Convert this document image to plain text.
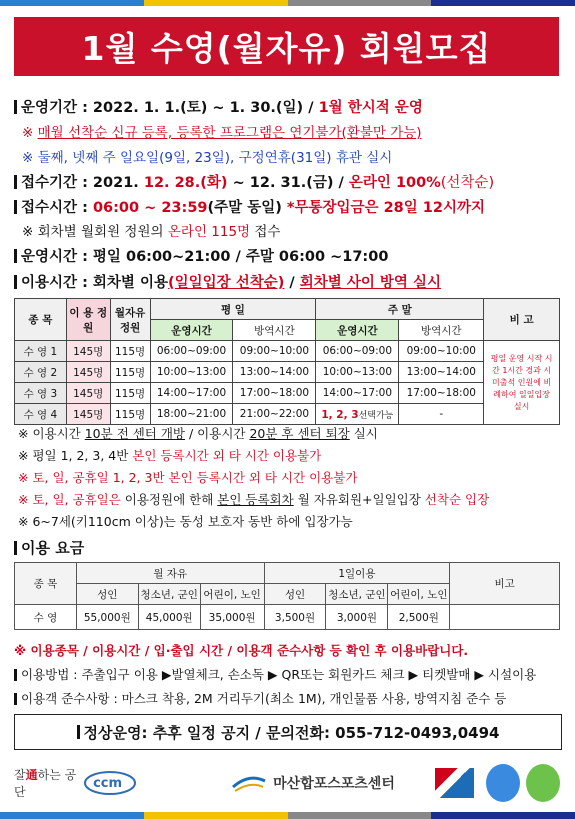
1월 수영(월자유) 회원모집
운영기간 : 2022. 1. 1.(토) ~ 1. 30.(일) / 1월 한시적 운영
※ 매월 선착순 신규 등록, 등록한 프로그램은 연기불가(환불만 가능)
※ 둘째, 넷째 주 일요일(9일, 23일), 구정연휴(31일) 휴관 실시
접수기간 : 2021. 12. 28.(화) ~ 12. 31.(금) / 온라인 100%(선착순)
접수시간 : 06:00 ~ 23:59(주말 동일) *무통장입금은 28일 12시까지
※ 회차별 월회원 정원의 온라인 115명 접수
운영시간 : 평일 06:00~21:00 / 주말 06:00 ~17:00
이용시간 : 회차별 이용(일일입장 선착순) / 회차별 사이 방역 실시
종 목	이 용 정 원	월자유 정원	평 일		주 말		비 고
			운영시간	방역시간	운영시간	방역시간	
수 영 1	145명	115명	06:00~09:00	09:00~10:00	06:00~09:00	09:00~10:00	평일 운영 시작 시간 1시간 경과 시 미출석 인원에 비례하여 일일입장 실시
수 영 2	145명	115명	10:00~13:00	13:00~14:00	10:00~13:00	13:00~14:00	
수 영 3	145명	115명	14:00~17:00	17:00~18:00	14:00~17:00	17:00~18:00	
수 영 4	145명	115명	18:00~21:00	21:00~22:00	1, 2, 3선택가능	-	
※ 이용시간 10분 전 센터 개방 / 이용시간 20분 후 센터 퇴장 실시
※ 평일 1, 2, 3, 4반 본인 등록시간 외 타 시간 이용불가
※ 토, 일, 공휴일 1, 2, 3반 본인 등록시간 외 타 시간 이용불가
※ 토, 일, 공휴일은 이용정원에 한해 본인 등록회차 월 자유회원+일일입장 선착순 입장
※ 6~7세(키110cm 이상)는 동성 보호자 동반 하에 입장가능
이용 요금
종 목	월 자유			1일이용			비고
	성인	청소년, 군인	어린이, 노인	성인	청소년, 군인	어린이, 노인	
수 영	55,000원	45,000원	35,000원	3,500원	3,000원	2,500원	
※ 이용종목 / 이용시간 / 입·출입 시간 / 이용객 준수사항 등 확인 후 이용바랍니다.
이용방법 : 주출입구 이용 ▶발열체크, 손소독 ▶ QR또는 회원카드 체크 ▶ 티켓발매 ▶ 시설이용
이용객 준수사항 : 마스크 착용, 2M 거리두기(최소 1M), 개인물품 사용, 방역지침 준수 등
정상운영: 추후 일정 공지 / 문의전화: 055-712-0493,0494
잘通하는 공단
ccm	마산합포스포츠센터
